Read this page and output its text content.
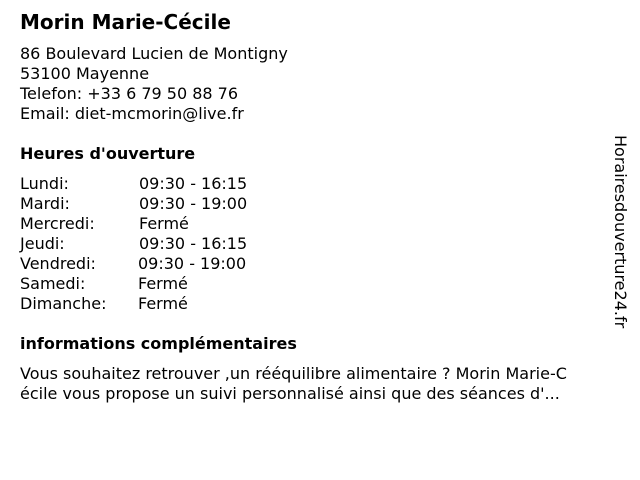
Morin Marie-Cécile
86 Boulevard Lucien de Montigny
53100 Mayenne
Telefon: +33 6 79 50 88 76
Email: diet-mcmorin@live.fr
Heures d'ouverture
Lundi:	09:30 - 16:15
Mardi:	09:30 - 19:00
Mercredi:	Fermé
Jeudi:	09:30 - 16:15
Vendredi:	09:30 - 19:00
Samedi:	Fermé
Dimanche: Fermé
informations complémentaires
Vous souhaitez retrouver ,un rééquilibre alimentaire ? Morin Marie-C
écile vous propose un suivi personnalisé ainsi que des séances d'...
Horairesdouverture24.fr
